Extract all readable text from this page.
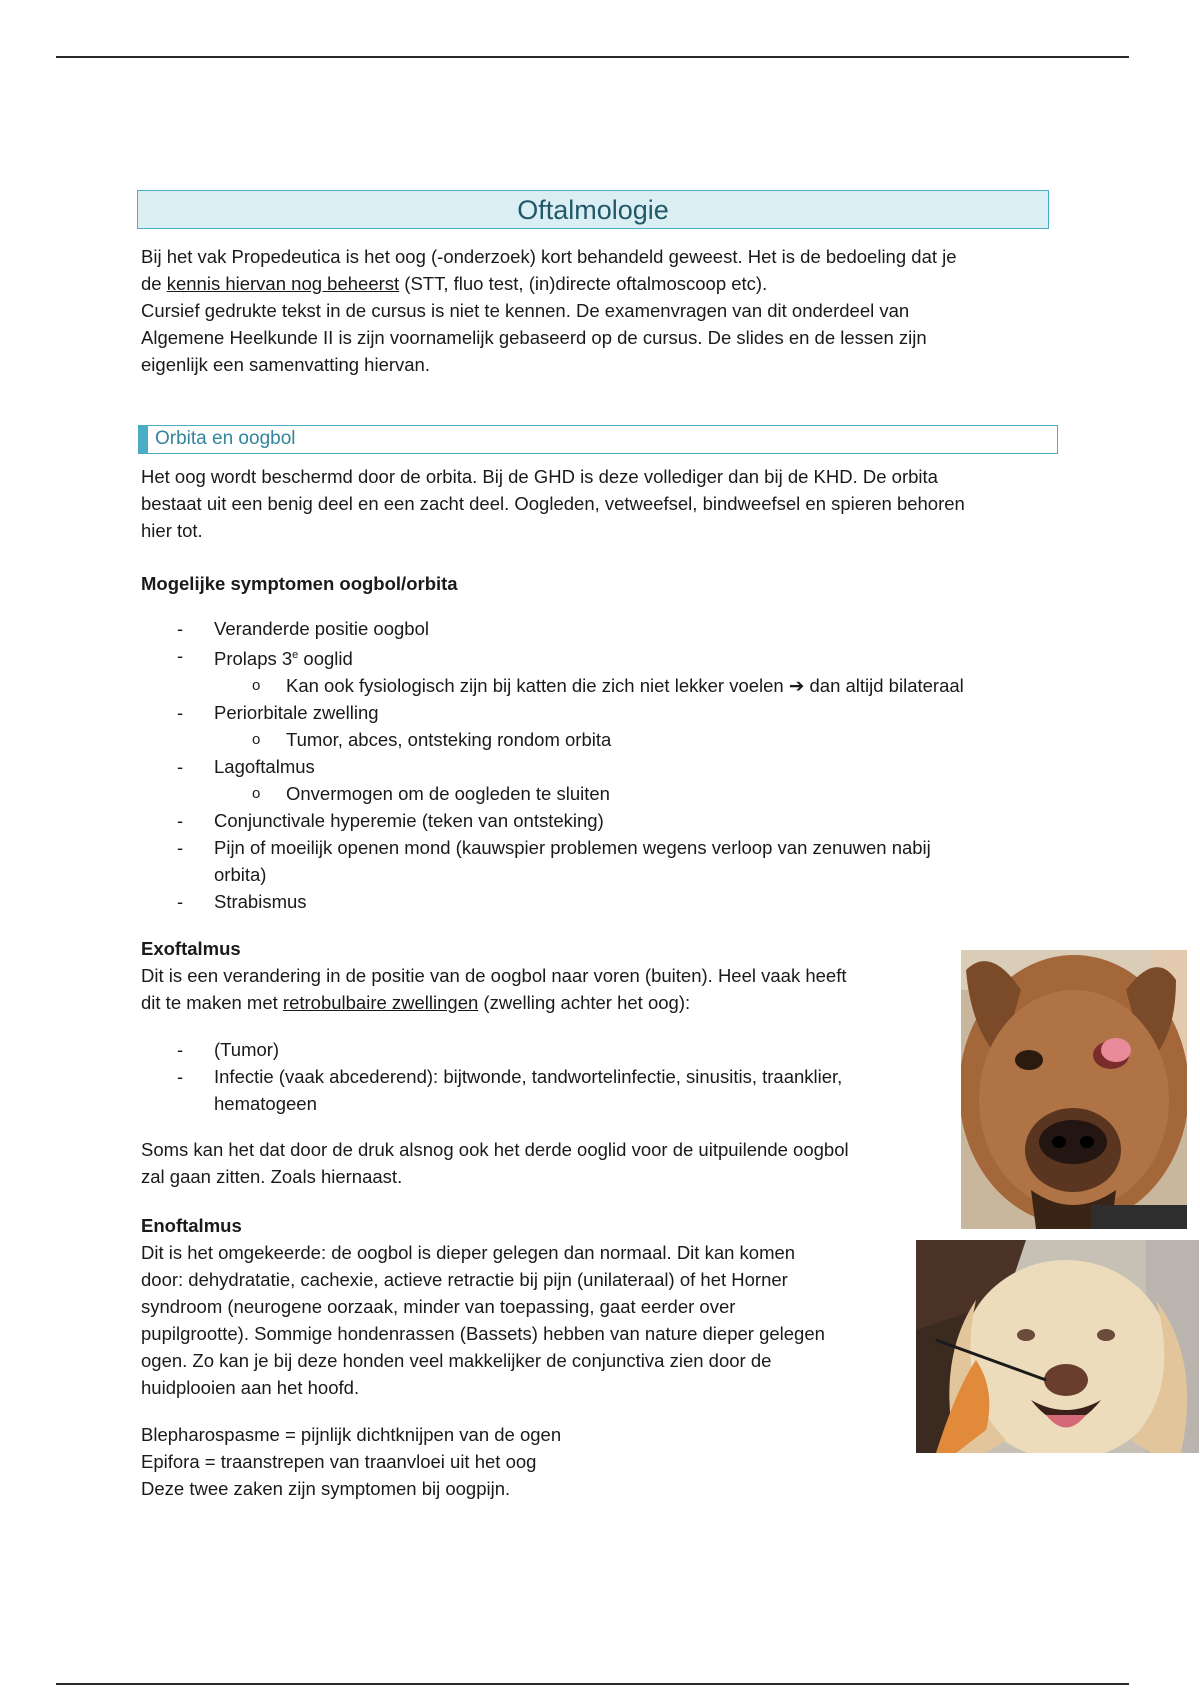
Oftalmologie

Bij het vak Propedeutica is het oog (-onderzoek) kort behandeld geweest. Het is de bedoeling dat je

de kennis hiervan nog beheerst (STT, fluo test, (in)directe oftalmoscoop etc).

Cursief gedrukte tekst in de cursus is niet te kennen. De examenvragen van dit onderdeel van

Algemene Heelkunde II is zijn voornamelijk gebaseerd op de cursus. De slides en de lessen zijn

eigenlijk een samenvatting hiervan.

Orbita en oogbol

Het oog wordt beschermd door de orbita. Bij de GHD is deze vollediger dan bij de KHD. De orbita

bestaat uit een benig deel en een zacht deel. Oogleden, vetweefsel, bindweefsel en spieren behoren

hier tot.

Mogelijke symptomen oogbol/orbita
- Veranderde positie oogbol
- Prolaps 3e ooglid
o Kan ook fysiologisch zijn bij katten die zich niet lekker voelen ➔ dan altijd bilateraal
- Periorbitale zwelling
o Tumor, abces, ontsteking rondom orbita
- Lagoftalmus
o Onvermogen om de oogleden te sluiten
- Conjunctivale hyperemie (teken van ontsteking)
- Pijn of moeilijk openen mond (kauwspier problemen wegens verloop van zenuwen nabij
orbita)
- Strabismus
Exoftalmus

Dit is een verandering in de positie van de oogbol naar voren (buiten). Heel vaak heeft

dit te maken met retrobulbaire zwellingen (zwelling achter het oog):

- (Tumor)
- Infectie (vaak abcederend): bijtwonde, tandwortelinfectie, sinusitis, traanklier,
hematogeen

Soms kan het dat door de druk alsnog ook het derde ooglid voor de uitpuilende oogbol

zal gaan zitten. Zoals hiernaast.

Enoftalmus

Dit is het omgekeerde: de oogbol is dieper gelegen dan normaal. Dit kan komen

door: dehydratatie, cachexie, actieve retractie bij pijn (unilateraal) of het Horner

syndroom (neurogene oorzaak, minder van toepassing, gaat eerder over

pupilgrootte). Sommige hondenrassen (Bassets) hebben van nature dieper gelegen

ogen. Zo kan je bij deze honden veel makkelijker de conjunctiva zien door de

huidplooien aan het hoofd.

Blepharospasme = pijnlijk dichtknijpen van de ogen

Epifora = traanstrepen van traanvloei uit het oog

Deze twee zaken zijn symptomen bij oogpijn.
